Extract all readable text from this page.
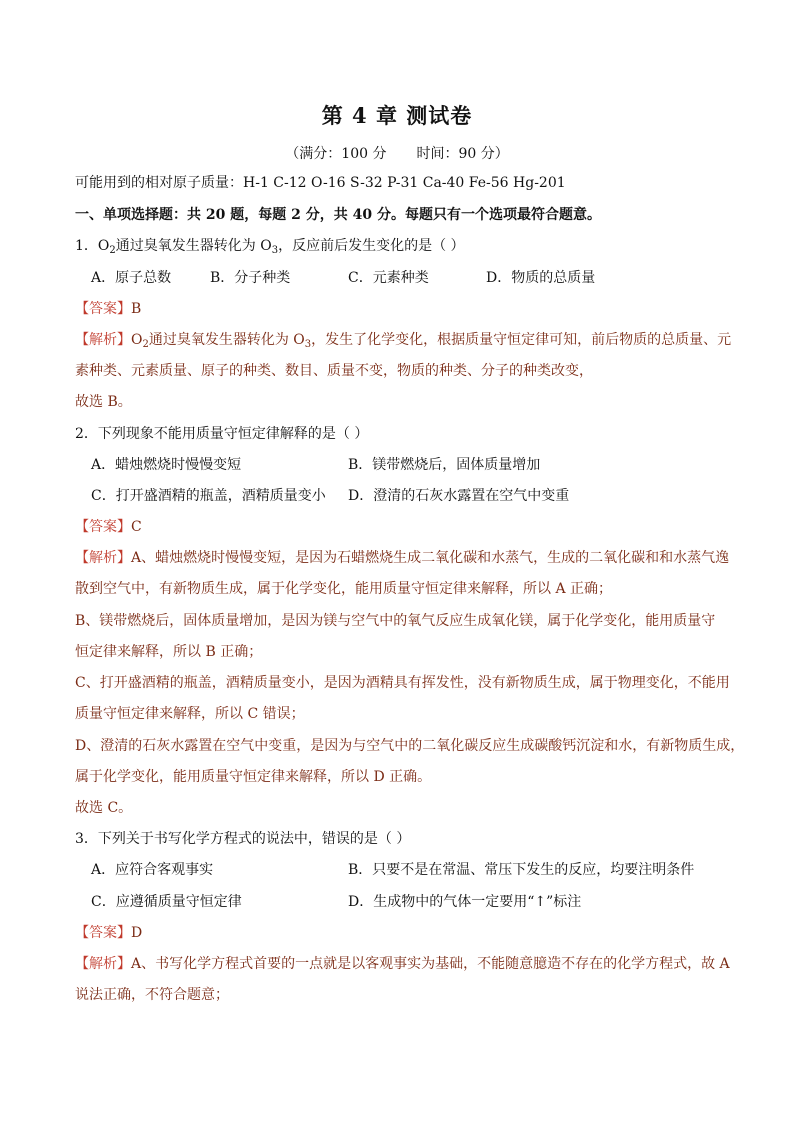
第 4 章 测试卷
（满分：100 分 时间：90 分）
可能用到的相对原子质量：H-1 C-12 O-16 S-32 P-31 Ca-40 Fe-56 Hg-201
一、单项选择题：共 20 题，每题 2 分，共 40 分。每题只有一个选项最符合题意。
1．$O_2$通过臭氧发生器转化为 $O_3$，反应前后发生变化的是（ ）
A．原子总数	B．分子种类	C．元素种类	D．物质的总质量
【答案】B
【解析】$O_2$通过臭氧发生器转化为 $O_3$，发生了化学变化，根据质量守恒定律可知，前后物质的总质量、元
素种类、元素质量、原子的种类、数目、质量不变，物质的种类、分子的种类改变，
故选 B。
2．下列现象不能用质量守恒定律解释的是（ ）
A．蜡烛燃烧时慢慢变短	B．镁带燃烧后，固体质量增加
C．打开盛酒精的瓶盖，酒精质量变小 D．澄清的石灰水露置在空气中变重
【答案】C
【解析】A、蜡烛燃烧时慢慢变短，是因为石蜡燃烧生成二氧化碳和水蒸气，生成的二氧化碳和和水蒸气逸
散到空气中，有新物质生成，属于化学变化，能用质量守恒定律来解释，所以 A 正确；
B、镁带燃烧后，固体质量增加，是因为镁与空气中的氧气反应生成氧化镁，属于化学变化，能用质量守
恒定律来解释，所以 B 正确；
C、打开盛酒精的瓶盖，酒精质量变小，是因为酒精具有挥发性，没有新物质生成，属于物理变化，不能用
质量守恒定律来解释，所以 C 错误；
D、澄清的石灰水露置在空气中变重，是因为与空气中的二氧化碳反应生成碳酸钙沉淀和水，有新物质生成，
属于化学变化，能用质量守恒定律来解释，所以 D 正确。
故选 C。
3．下列关于书写化学方程式的说法中，错误的是（ ）
A．应符合客观事实	B．只要不是在常温、常压下发生的反应，均要注明条件
C．应遵循质量守恒定律	D．生成物中的气体一定要用“↑”标注
【答案】D
【解析】A、书写化学方程式首要的一点就是以客观事实为基础，不能随意臆造不存在的化学方程式，故 A
说法正确，不符合题意；
